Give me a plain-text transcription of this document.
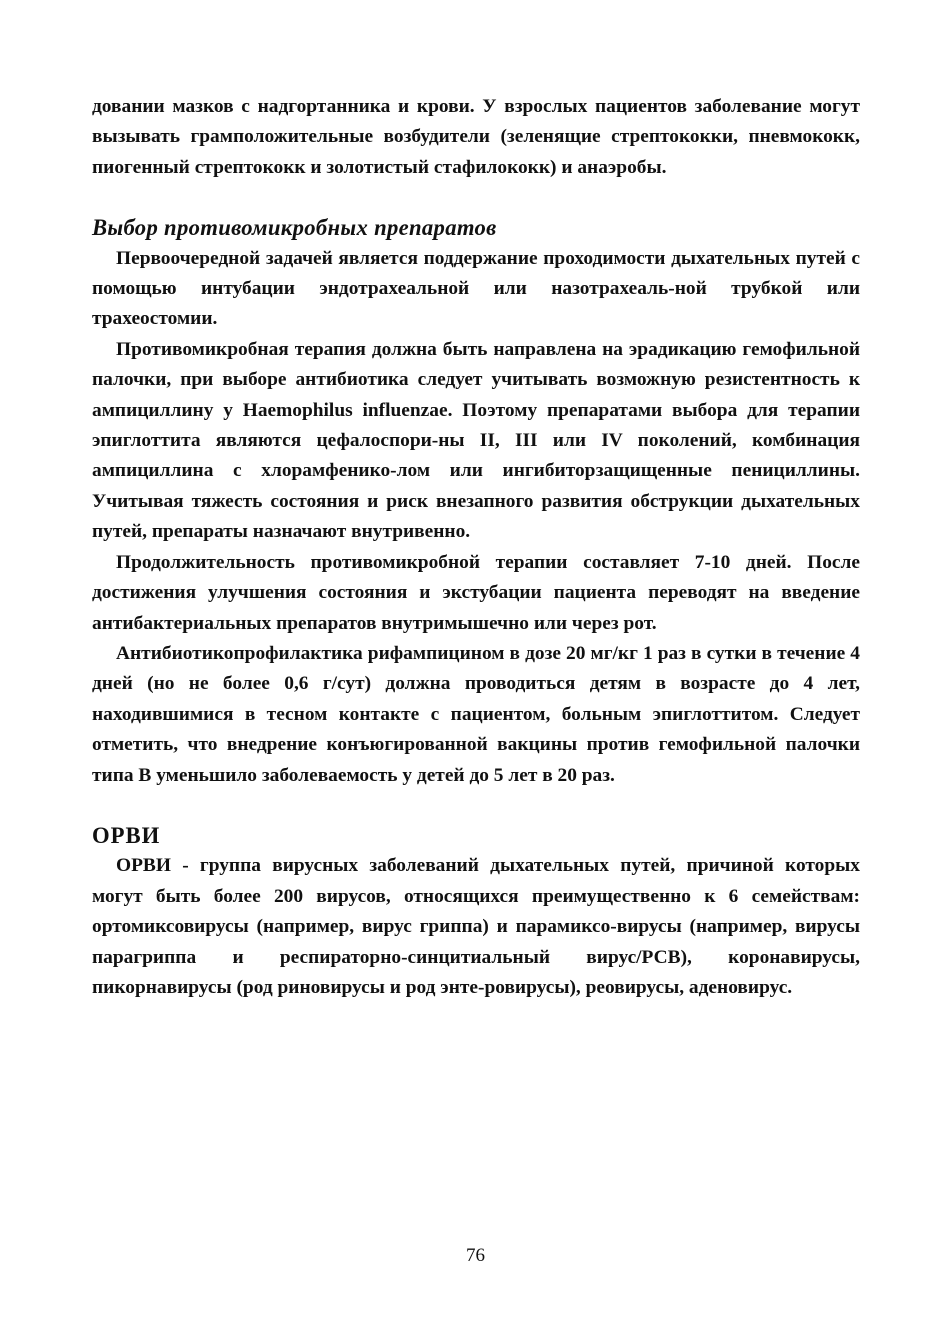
довании мазков с надгортанника и крови. У взрослых пациентов заболевание могут вызывать грамположительные возбудители (зеленящие стрептококки, пневмококк, пиогенный стрептококк и золотистый стафилококк) и анаэробы.

Выбор противомикробных препаратов

Первоочередной задачей является поддержание проходимости дыхательных путей с помощью интубации эндотрахеальной или назотрахеаль-ной трубкой или трахеостомии.

Противомикробная терапия должна быть направлена на эрадикацию гемофильной палочки, при выборе антибиотика следует учитывать возможную резистентность к ампициллину у Haemophilus influenzae. Поэтому препаратами выбора для терапии эпиглоттита являются цефалоспори-ны II, III или IV поколений, комбинация ампициллина с хлорамфенико-лом или ингибиторзащищенные пенициллины. Учитывая тяжесть состояния и риск внезапного развития обструкции дыхательных путей, препараты назначают внутривенно.

Продолжительность противомикробной терапии составляет 7-10 дней. После достижения улучшения состояния и экстубации пациента переводят на введение антибактериальных препаратов внутримышечно или через рот.

Антибиотикопрофилактика рифампицином в дозе 20 мг/кг 1 раз в сутки в течение 4 дней (но не более 0,6 г/сут) должна проводиться детям в возрасте до 4 лет, находившимися в тесном контакте с пациентом, больным эпиглоттитом. Следует отметить, что внедрение конъюгированной вакцины против гемофильной палочки типа В уменьшило заболеваемость у детей до 5 лет в 20 раз.

ОРВИ

ОРВИ - группа вирусных заболеваний дыхательных путей, причиной которых могут быть более 200 вирусов, относящихся преимущественно к 6 семействам: ортомиксовирусы (например, вирус гриппа) и парамиксо-вирусы (например, вирусы парагриппа и респираторно-синцитиальный вирус/РСВ), коронавирусы, пикорнавирусы (род риновирусы и род энте-ровирусы), реовирусы, аденовирус.

76
